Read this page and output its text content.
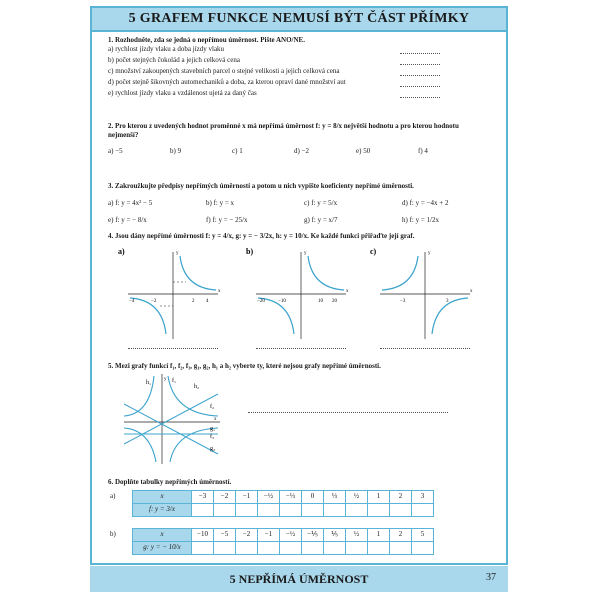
5 GRAFEM FUNKCE NEMUSÍ BÝT ČÁST PŘÍMKY
1. Rozhodněte, zda se jedná o nepřímou úměrnost. Pište ANO/NE.
a) rychlost jízdy vlaku a doba jízdy vlaku
b) počet stejných čokolád a jejich celková cena
c) množství zakoupených stavebních parcel o stejné velikosti a jejich celková cena
d) počet stejně šikovných automechaniků a doba, za kterou opraví dané množství aut
e) rychlost jízdy vlaku a vzdálenost ujetá za daný čas
2. Pro kterou z uvedených hodnot proměnné x má nepřímá úměrnost f: y = 8/x největší hodnotu a pro kterou hodnotu nejmenší?
a) −5	b) 9	c) 1	d) −2	e) 50	f) 4
3. Zakroužkujte předpisy nepřímých úměrností a potom u nich vypište koeficienty nepřímé úměrnosti.
a) f: y = 4x² − 5	b) f: y = x	c) f: y = 5/x	d) f: y = −4x + 2
e) f: y = − 8/x	f) f: y = − 25/x	g) f: y = x/7	h) f: y = 1/2x
4. Jsou dány nepřímé úměrnosti f: y = 4/x, g: y = − 3/2x, h: y = 10/x. Ke každé funkci přiřaďte její graf.
a)
−4	−2	2 4
y
x
b)
−20	−10	10 20
y
x
c)
−3	3
y
x
5. Mezi grafy funkcí f₁, f₂, f₃, g₁, g₂, h₁ a h₂ vyberte ty, které nejsou grafy nepřímé úměrnosti.
h₁	f₁
h₂
f₂
f₃
g₁
g₂
y
x
6. Doplňte tabulky nepřímých úměrností.
a)	x	−3	−2	−1	−½	−⅓	0	⅓	½	1	2	3
f: y = 3/x											
b)	x	−10	−5	−2	−1	−½	−⅕	⅕	½	1	2	5
g: y = − 10/x											
5 NEPŘÍMÁ ÚMĚRNOST	37
